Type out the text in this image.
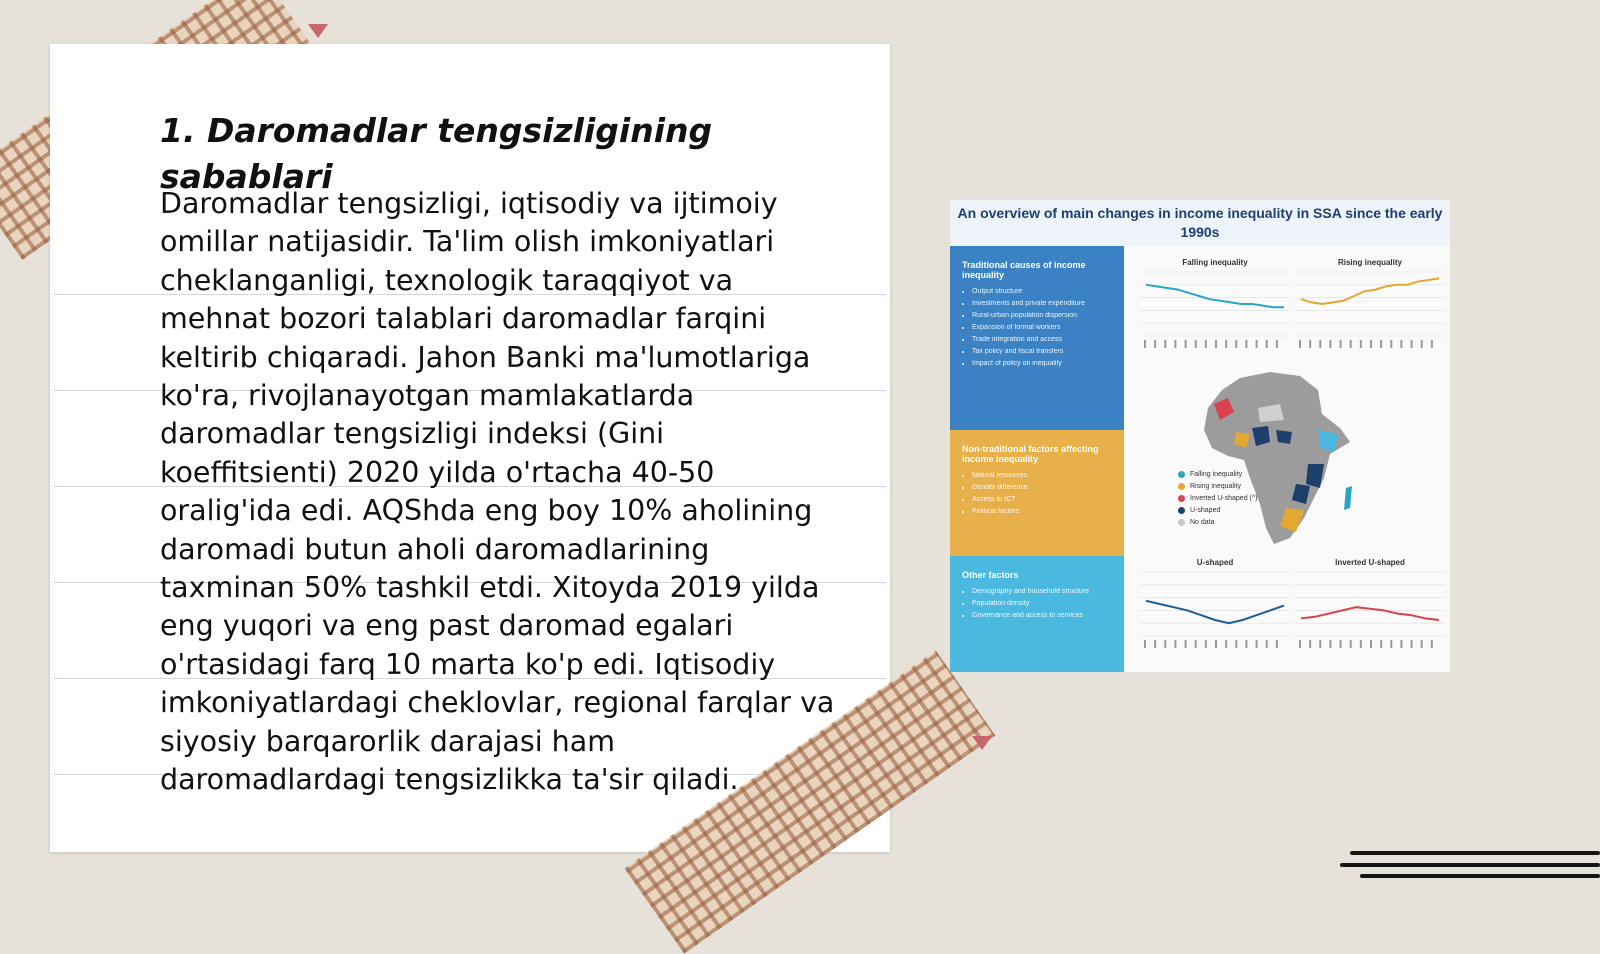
1. Daromadlar tengsizligining sabablari

Daromadlar tengsizligi, iqtisodiy va ijtimoiy omillar natijasidir. Ta'lim olish imkoniyatlari cheklanganligi, texnologik taraqqiyot va mehnat bozori talablari daromadlar farqini keltirib chiqaradi. Jahon Banki ma'lumotlariga ko'ra, rivojlanayotgan mamlakatlarda daromadlar tengsizligi indeksi (Gini koeffitsienti) 2020 yilda o'rtacha 40-50 oralig'ida edi. AQShda eng boy 10% aholining daromadi butun aholi daromadlarining taxminan 50% tashkil etdi. Xitoyda 2019 yilda eng yuqori va eng past daromad egalari o'rtasidagi farq 10 marta ko'p edi. Iqtisodiy imkoniyatlardagi cheklovlar, regional farqlar va siyosiy barqarorlik darajasi ham daromadlardagi tengsizlikka ta'sir qiladi.

An overview of main changes in income inequality in SSA since the early 1990s
Traditional causes of income inequality
• Output structure
• Investments and private expenditure
• Rural-urban population dispersion
• Expansion of formal workers
• Trade integration and access
• Tax policy and fiscal transfers
• Impact of policy on inequality
Non-traditional factors affecting income inequality
• Natural resources
• Gender difference
• Access to ICT
• Political factors
Other factors
• Demography and household structure
• Population density
• Governance and access to services
Falling inequality	Rising inequality
U-shaped	Inverted U-shaped
Falling inequality
Rising inequality
Inverted U-shaped (^)
U-shaped
No data
